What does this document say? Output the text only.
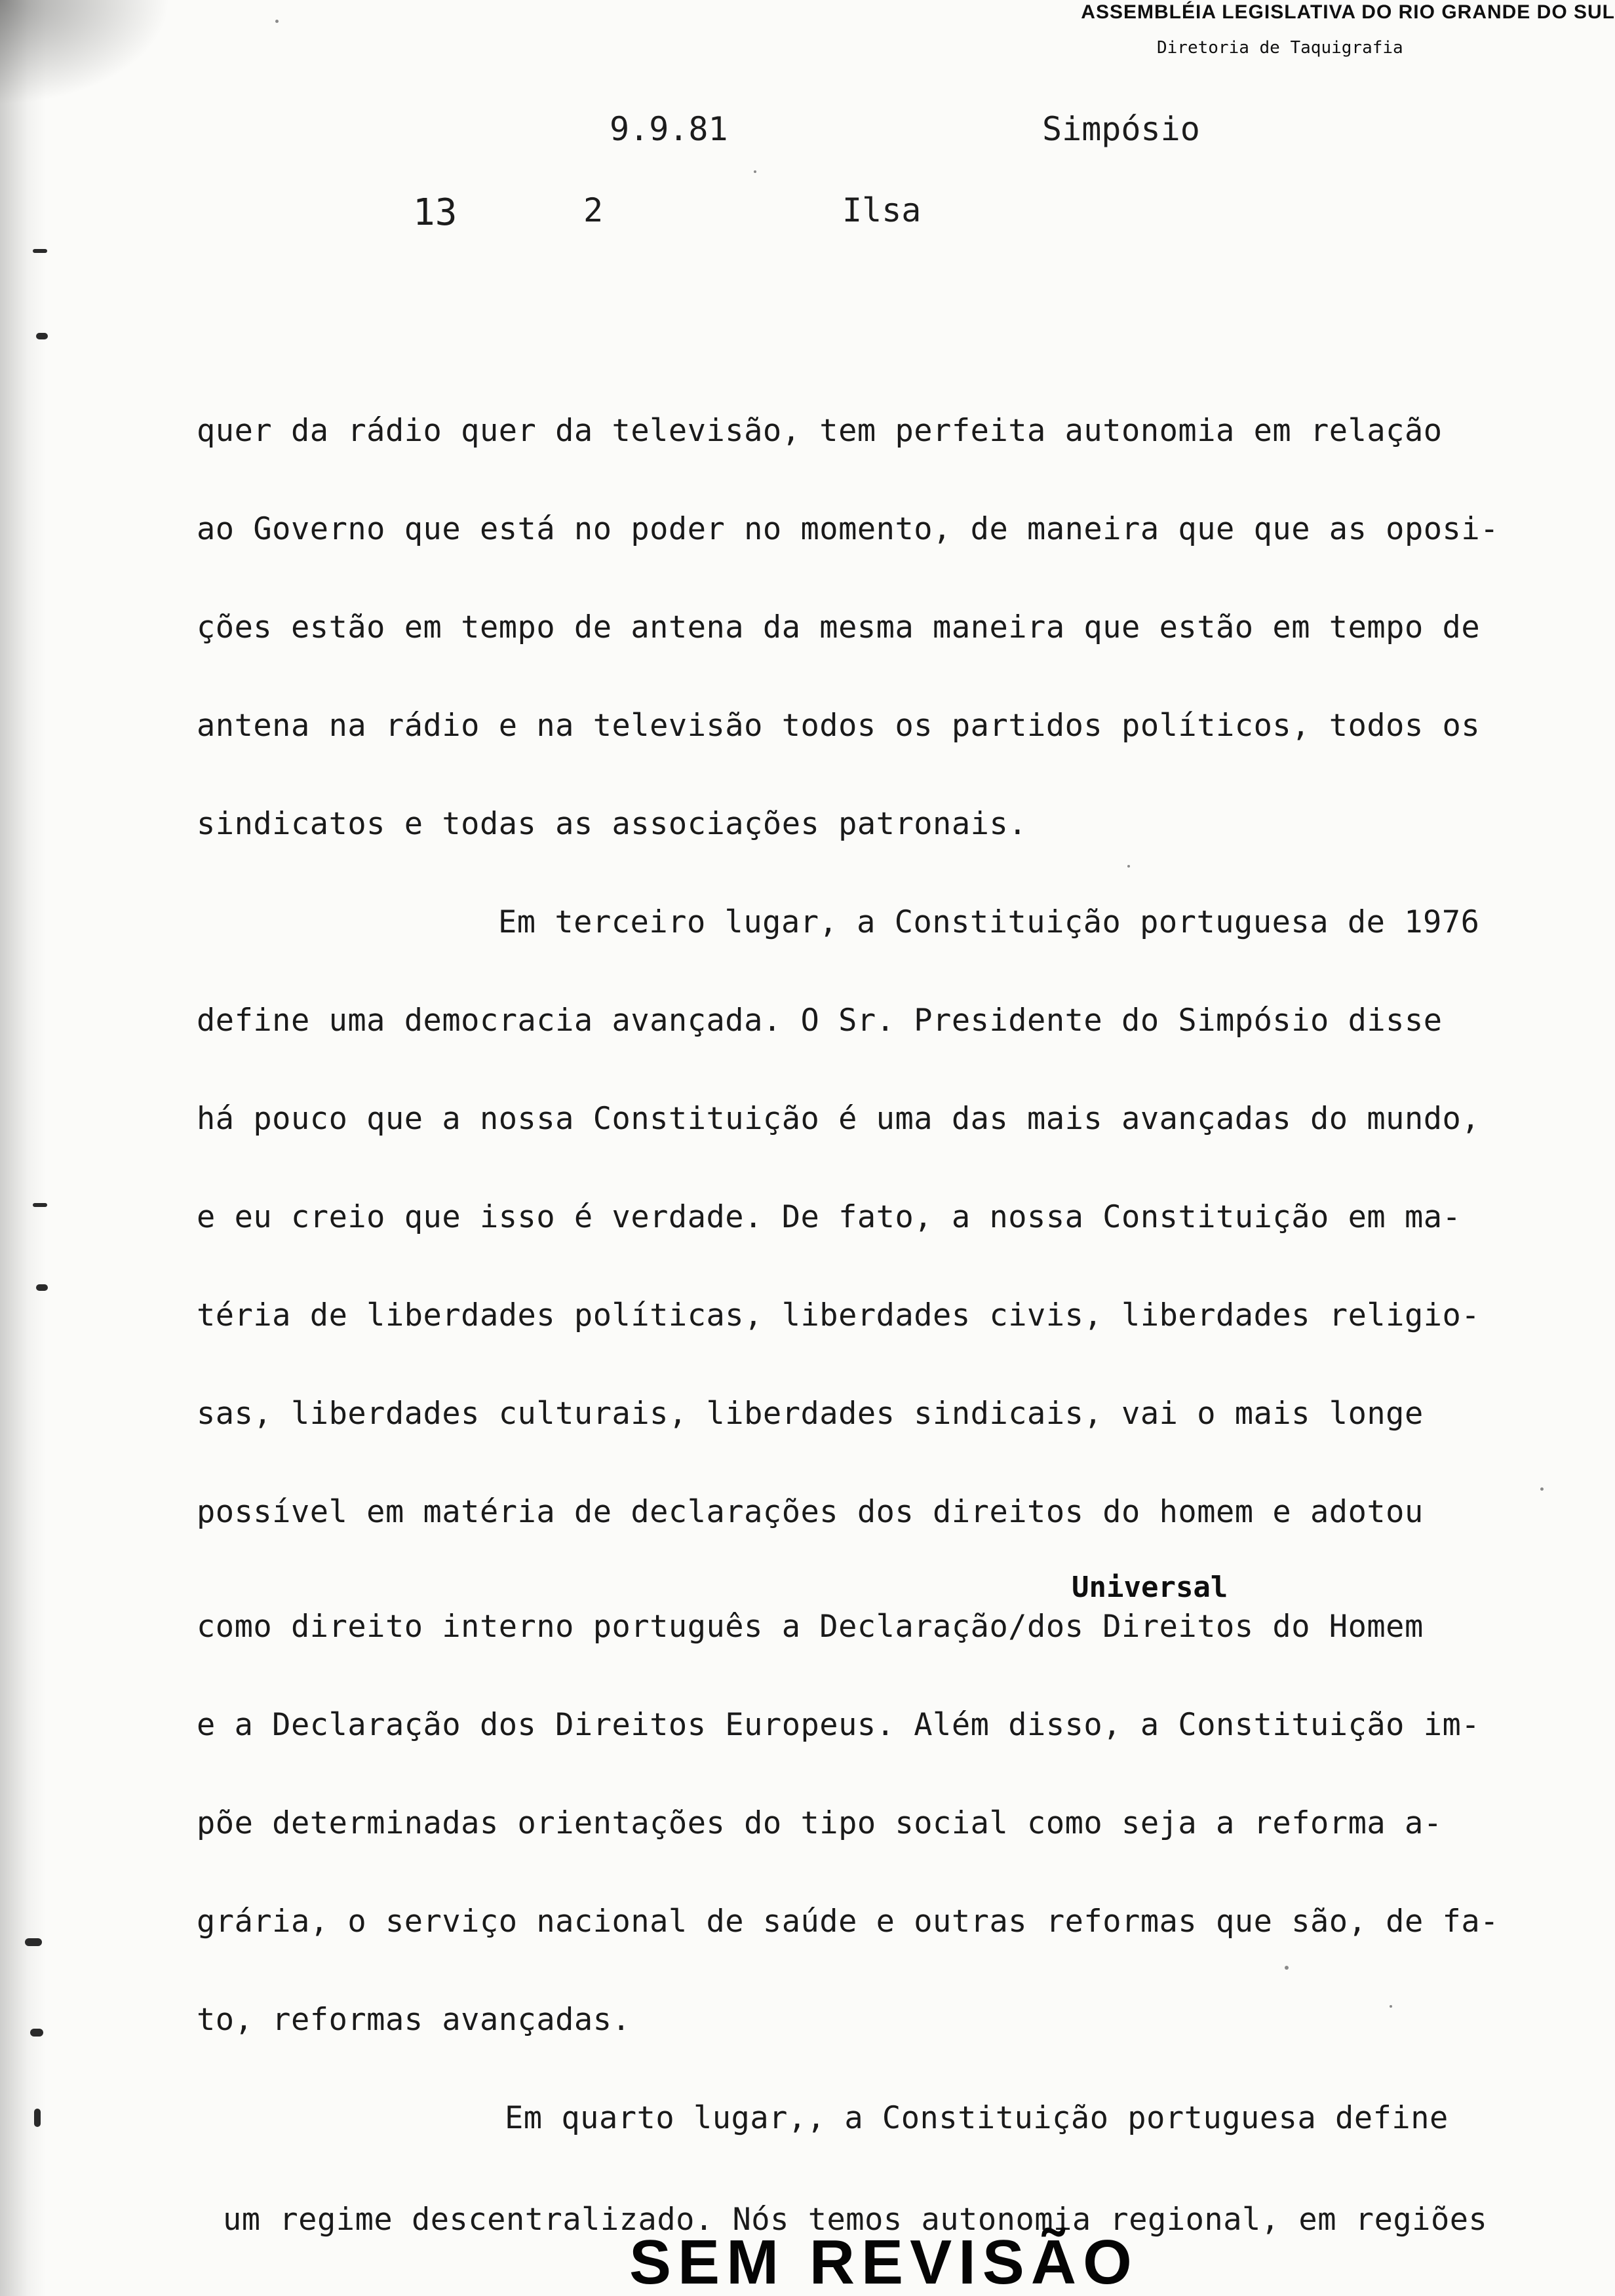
ASSEMBLÉIA LEGISLATIVA DO RIO GRANDE DO SUL
Diretoria de Taquigrafia
9.9.81	Simpósio
13	2	Ilsa
quer da rádio quer da televisão, tem perfeita autonomia em relação
ao Governo que está no poder no momento, de maneira que que as oposi-
ções estão em tempo de antena da mesma maneira que estão em tempo de
antena na rádio e na televisão todos os partidos políticos, todos os
sindicatos e todas as associações patronais.
Em terceiro lugar, a Constituição portuguesa de 1976
define uma democracia avançada. O Sr. Presidente do Simpósio disse
há pouco que a nossa Constituição é uma das mais avançadas do mundo,
e eu creio que isso é verdade. De fato, a nossa Constituição em ma-
téria de liberdades políticas, liberdades civis, liberdades religio-
sas, liberdades culturais, liberdades sindicais, vai o mais longe
possível em matéria de declarações dos direitos do homem e adotou
Universal
como direito interno português a Declaração/dos Direitos do Homem
e a Declaração dos Direitos Europeus. Além disso, a Constituição im-
põe determinadas orientações do tipo social como seja a reforma a-
grária, o serviço nacional de saúde e outras reformas que são, de fa-
to, reformas avançadas.
Em quarto lugar,, a Constituição portuguesa define
um regime descentralizado. Nós temos autonomia regional, em regiões
SEM REVISÃO
